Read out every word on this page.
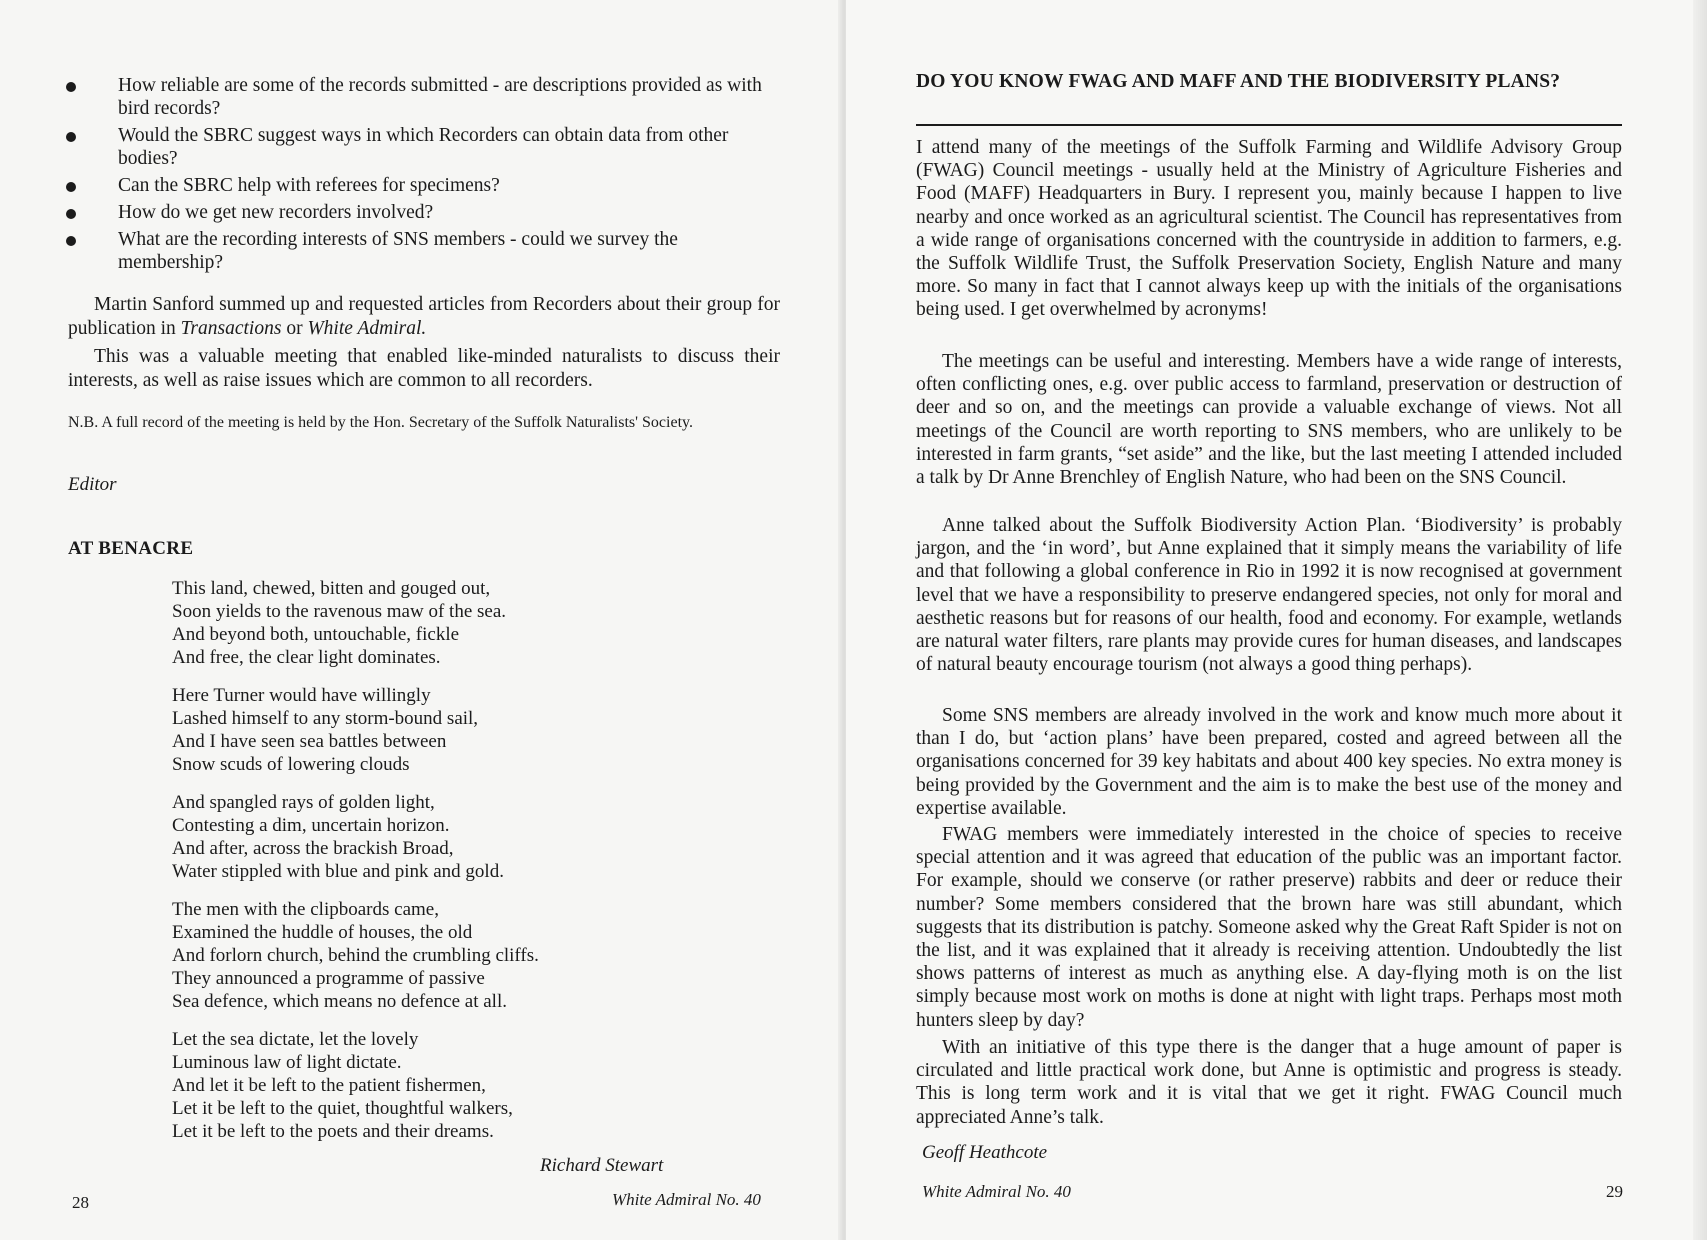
How reliable are some of the records submitted - are descriptions provided as with bird records?
Would the SBRC suggest ways in which Recorders can obtain data from other bodies?
Can the SBRC help with referees for specimens?
How do we get new recorders involved?
What are the recording interests of SNS members - could we survey the membership?

Martin Sanford summed up and requested articles from Recorders about their group for publication in Transactions or White Admiral.

This was a valuable meeting that enabled like-minded naturalists to discuss their interests, as well as raise issues which are common to all recorders.

N.B. A full record of the meeting is held by the Hon. Secretary of the Suffolk Naturalists' Society.

Editor
AT BENACRE
This land, chewed, bitten and gouged out,
Soon yields to the ravenous maw of the sea.
And beyond both, untouchable, fickle
And free, the clear light dominates.
Here Turner would have willingly
Lashed himself to any storm-bound sail,
And I have seen sea battles between
Snow scuds of lowering clouds
And spangled rays of golden light,
Contesting a dim, uncertain horizon.
And after, across the brackish Broad,
Water stippled with blue and pink and gold.
The men with the clipboards came,
Examined the huddle of houses, the old
And forlorn church, behind the crumbling cliffs.
They announced a programme of passive
Sea defence, which means no defence at all.
Let the sea dictate, let the lovely
Luminous law of light dictate.
And let it be left to the patient fishermen,
Let it be left to the quiet, thoughtful walkers,
Let it be left to the poets and their dreams.
Richard Stewart
28	White Admiral No. 40
DO YOU KNOW FWAG AND MAFF AND THE BIODIVERSITY PLANS?

I attend many of the meetings of the Suffolk Farming and Wildlife Advisory Group (FWAG) Council meetings - usually held at the Ministry of Agriculture Fisheries and Food (MAFF) Headquarters in Bury. I represent you, mainly because I happen to live nearby and once worked as an agricultural scientist. The Council has representatives from a wide range of organisations concerned with the countryside in addition to farmers, e.g. the Suffolk Wildlife Trust, the Suffolk Preservation Society, English Nature and many more. So many in fact that I cannot always keep up with the initials of the organisations being used. I get overwhelmed by acronyms!

The meetings can be useful and interesting. Members have a wide range of interests, often conflicting ones, e.g. over public access to farmland, preservation or destruction of deer and so on, and the meetings can provide a valuable exchange of views. Not all meetings of the Council are worth reporting to SNS members, who are unlikely to be interested in farm grants, “set aside” and the like, but the last meeting I attended included a talk by Dr Anne Brenchley of English Nature, who had been on the SNS Council.

Anne talked about the Suffolk Biodiversity Action Plan. ‘Biodiversity’ is probably jargon, and the ‘in word’, but Anne explained that it simply means the variability of life and that following a global conference in Rio in 1992 it is now recognised at government level that we have a responsibility to preserve endangered species, not only for moral and aesthetic reasons but for reasons of our health, food and economy. For example, wetlands are natural water filters, rare plants may provide cures for human diseases, and landscapes of natural beauty encourage tourism (not always a good thing perhaps).

Some SNS members are already involved in the work and know much more about it than I do, but ‘action plans’ have been prepared, costed and agreed between all the organisations concerned for 39 key habitats and about 400 key species. No extra money is being provided by the Government and the aim is to make the best use of the money and expertise available.

FWAG members were immediately interested in the choice of species to receive special attention and it was agreed that education of the public was an important factor. For example, should we conserve (or rather preserve) rabbits and deer or reduce their number? Some members considered that the brown hare was still abundant, which suggests that its distribution is patchy. Someone asked why the Great Raft Spider is not on the list, and it was explained that it already is receiving attention. Undoubtedly the list shows patterns of interest as much as anything else. A day-flying moth is on the list simply because most work on moths is done at night with light traps. Perhaps most moth hunters sleep by day?

With an initiative of this type there is the danger that a huge amount of paper is circulated and little practical work done, but Anne is optimistic and progress is steady. This is long term work and it is vital that we get it right. FWAG Council much appreciated Anne’s talk.

Geoff Heathcote
White Admiral No. 40	29
